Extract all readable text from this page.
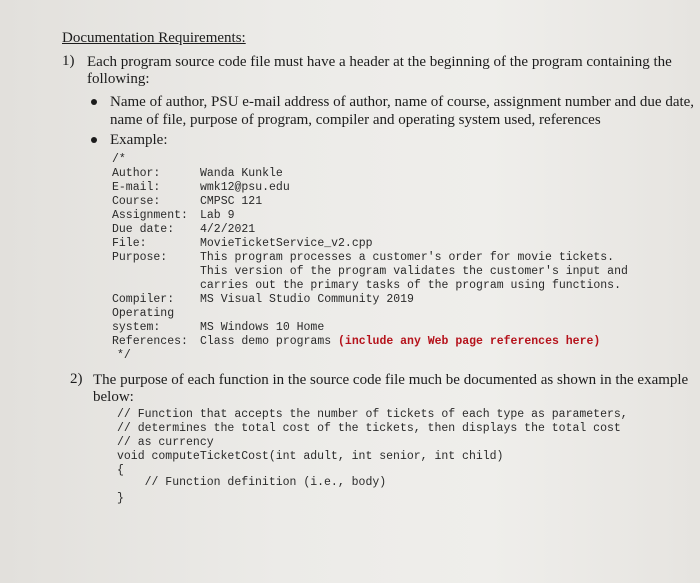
Documentation Requirements:
1) Each program source code file must have a header at the beginning of the program containing the
following:
Name of author, PSU e-mail address of author, name of course, assignment number and due date,
name of file, purpose of program, compiler and operating system used, references
Example:
/*
Author:	Wanda Kunkle
E-mail:	wmk12@psu.edu
Course:	CMPSC 121
Assignment: Lab 9
Due date: 4/2/2021
File:	MovieTicketService_v2.cpp
Purpose:	This program processes a customer's order for movie tickets.
This version of the program validates the customer's input and
carries out the primary tasks of the program using functions.
Compiler: MS Visual Studio Community 2019
Operating
system:	MS Windows 10 Home
References: Class demo programs (include any Web page references here)
*/
2) The purpose of each function in the source code file much be documented as shown in the example
below:
// Function that accepts the number of tickets of each type as parameters,
// determines the total cost of the tickets, then displays the total cost
// as currency
void computeTicketCost(int adult, int senior, int child)
{
// Function definition (i.e., body)
}
